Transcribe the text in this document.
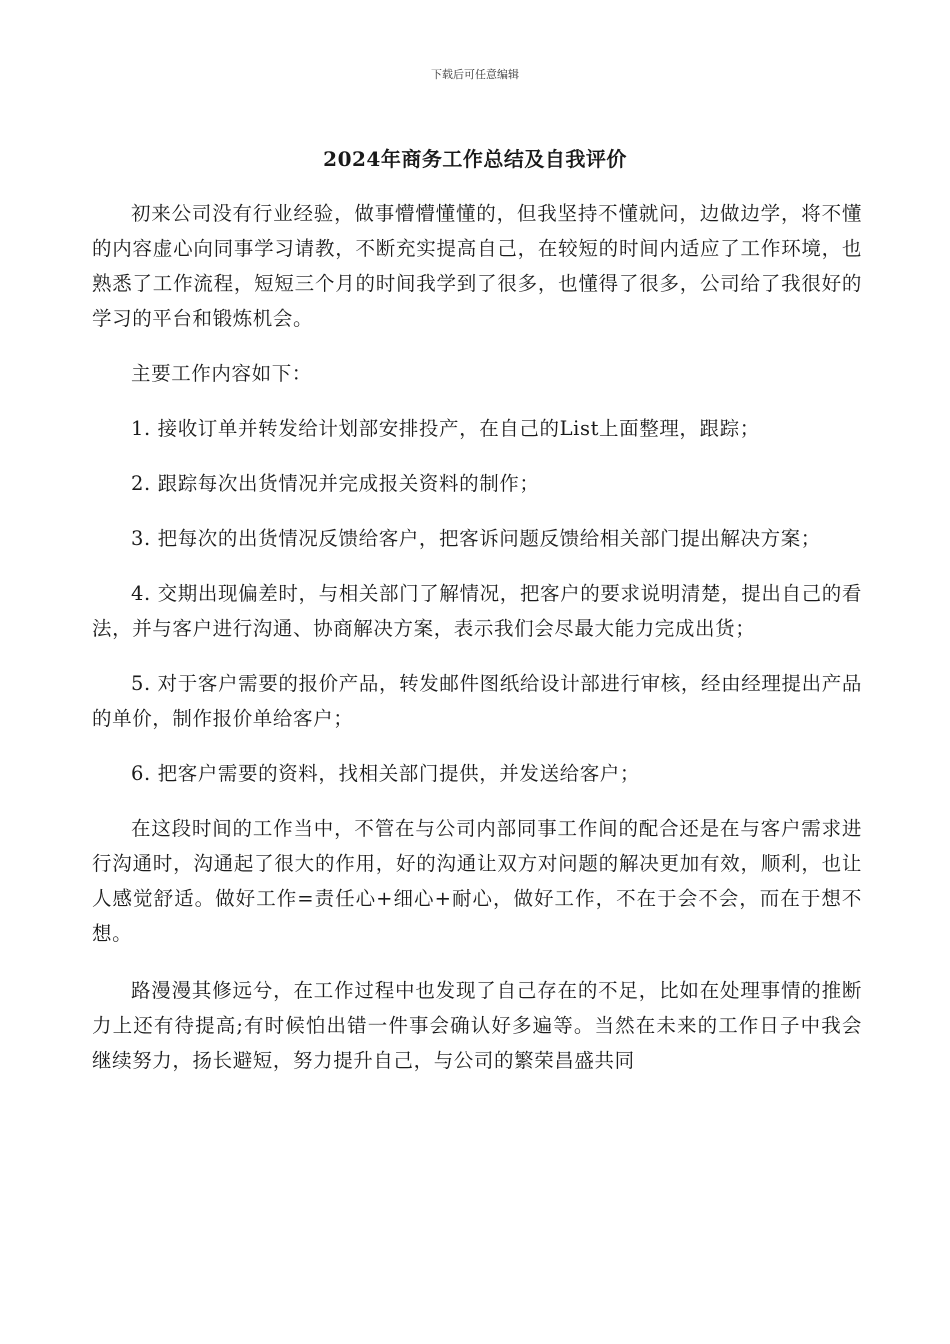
下载后可任意编辑
2024年商务工作总结及自我评价

初来公司没有行业经验，做事懵懵懂懂的，但我坚持不懂就问，边做边学，将不懂的内容虚心向同事学习请教，不断充实提高自己，在较短的时间内适应了工作环境，也熟悉了工作流程，短短三个月的时间我学到了很多，也懂得了很多，公司给了我很好的学习的平台和锻炼机会。

主要工作内容如下：

1. 接收订单并转发给计划部安排投产，在自己的List上面整理，跟踪；

2. 跟踪每次出货情况并完成报关资料的制作；

3. 把每次的出货情况反馈给客户，把客诉问题反馈给相关部门提出解决方案；

4. 交期出现偏差时，与相关部门了解情况，把客户的要求说明清楚，提出自己的看法，并与客户进行沟通、协商解决方案，表示我们会尽最大能力完成出货；

5. 对于客户需要的报价产品，转发邮件图纸给设计部进行审核，经由经理提出产品的单价，制作报价单给客户；

6. 把客户需要的资料，找相关部门提供，并发送给客户；

在这段时间的工作当中，不管在与公司内部同事工作间的配合还是在与客户需求进行沟通时，沟通起了很大的作用，好的沟通让双方对问题的解决更加有效，顺利，也让人感觉舒适。做好工作=责任心+细心+耐心，做好工作，不在于会不会，而在于想不想。

路漫漫其修远兮，在工作过程中也发现了自己存在的不足，比如在处理事情的推断力上还有待提高;有时候怕出错一件事会确认好多遍等。当然在未来的工作日子中我会继续努力，扬长避短，努力提升自己，与公司的繁荣昌盛共同
